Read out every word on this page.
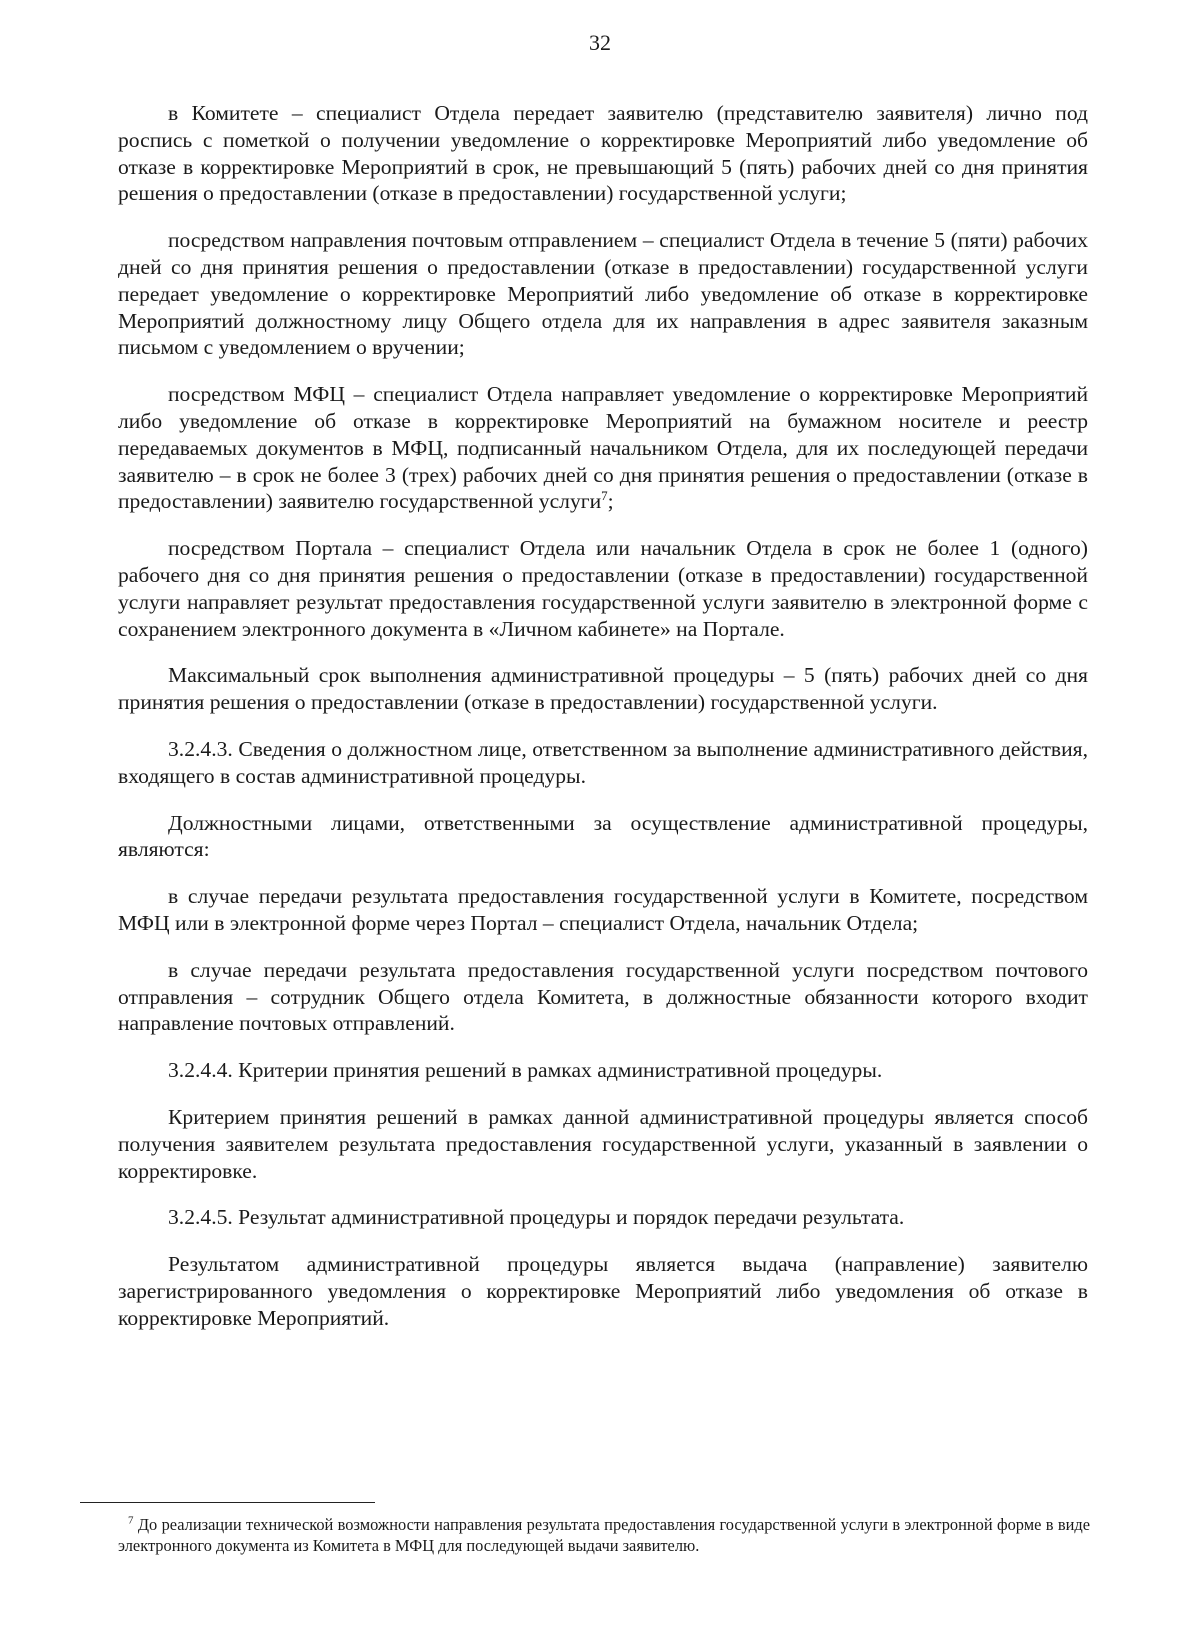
32

в Комитете – специалист Отдела передает заявителю (представителю заявителя) лично под роспись с пометкой о получении уведомление о корректировке Мероприятий либо уведомление об отказе в корректировке Мероприятий в срок, не превышающий 5 (пять) рабочих дней со дня принятия решения о предоставлении (отказе в предоставлении) государственной услуги;

посредством направления почтовым отправлением – специалист Отдела в течение 5 (пяти) рабочих дней со дня принятия решения о предоставлении (отказе в предоставлении) государственной услуги передает уведомление о корректировке Мероприятий либо уведомление об отказе в корректировке Мероприятий должностному лицу Общего отдела для их направления в адрес заявителя заказным письмом с уведомлением о вручении;

посредством МФЦ – специалист Отдела направляет уведомление о корректировке Мероприятий либо уведомление об отказе в корректировке Мероприятий на бумажном носителе и реестр передаваемых документов в МФЦ, подписанный начальником Отдела, для их последующей передачи заявителю – в срок не более 3 (трех) рабочих дней со дня принятия решения о предоставлении (отказе в предоставлении) заявителю государственной услуги$^7$;

посредством Портала – специалист Отдела или начальник Отдела в срок не более 1 (одного) рабочего дня со дня принятия решения о предоставлении (отказе в предоставлении) государственной услуги направляет результат предоставления государственной услуги заявителю в электронной форме с сохранением электронного документа в «Личном кабинете» на Портале.

Максимальный срок выполнения административной процедуры – 5 (пять) рабочих дней со дня принятия решения о предоставлении (отказе в предоставлении) государственной услуги.

3.2.4.3. Сведения о должностном лице, ответственном за выполнение административного действия, входящего в состав административной процедуры.

Должностными лицами, ответственными за осуществление административной процедуры, являются:

в случае передачи результата предоставления государственной услуги в Комитете, посредством МФЦ или в электронной форме через Портал – специалист Отдела, начальник Отдела;

в случае передачи результата предоставления государственной услуги посредством почтового отправления – сотрудник Общего отдела Комитета, в должностные обязанности которого входит направление почтовых отправлений.

3.2.4.4. Критерии принятия решений в рамках административной процедуры.

Критерием принятия решений в рамках данной административной процедуры является способ получения заявителем результата предоставления государственной услуги, указанный в заявлении о корректировке.

3.2.4.5. Результат административной процедуры и порядок передачи результата.

Результатом административной процедуры является выдача (направление) заявителю зарегистрированного уведомления о корректировке Мероприятий либо уведомления об отказе в корректировке Мероприятий.

$^7$ До реализации технической возможности направления результата предоставления государственной услуги в электронной форме в виде электронного документа из Комитета в МФЦ для последующей выдачи заявителю.
